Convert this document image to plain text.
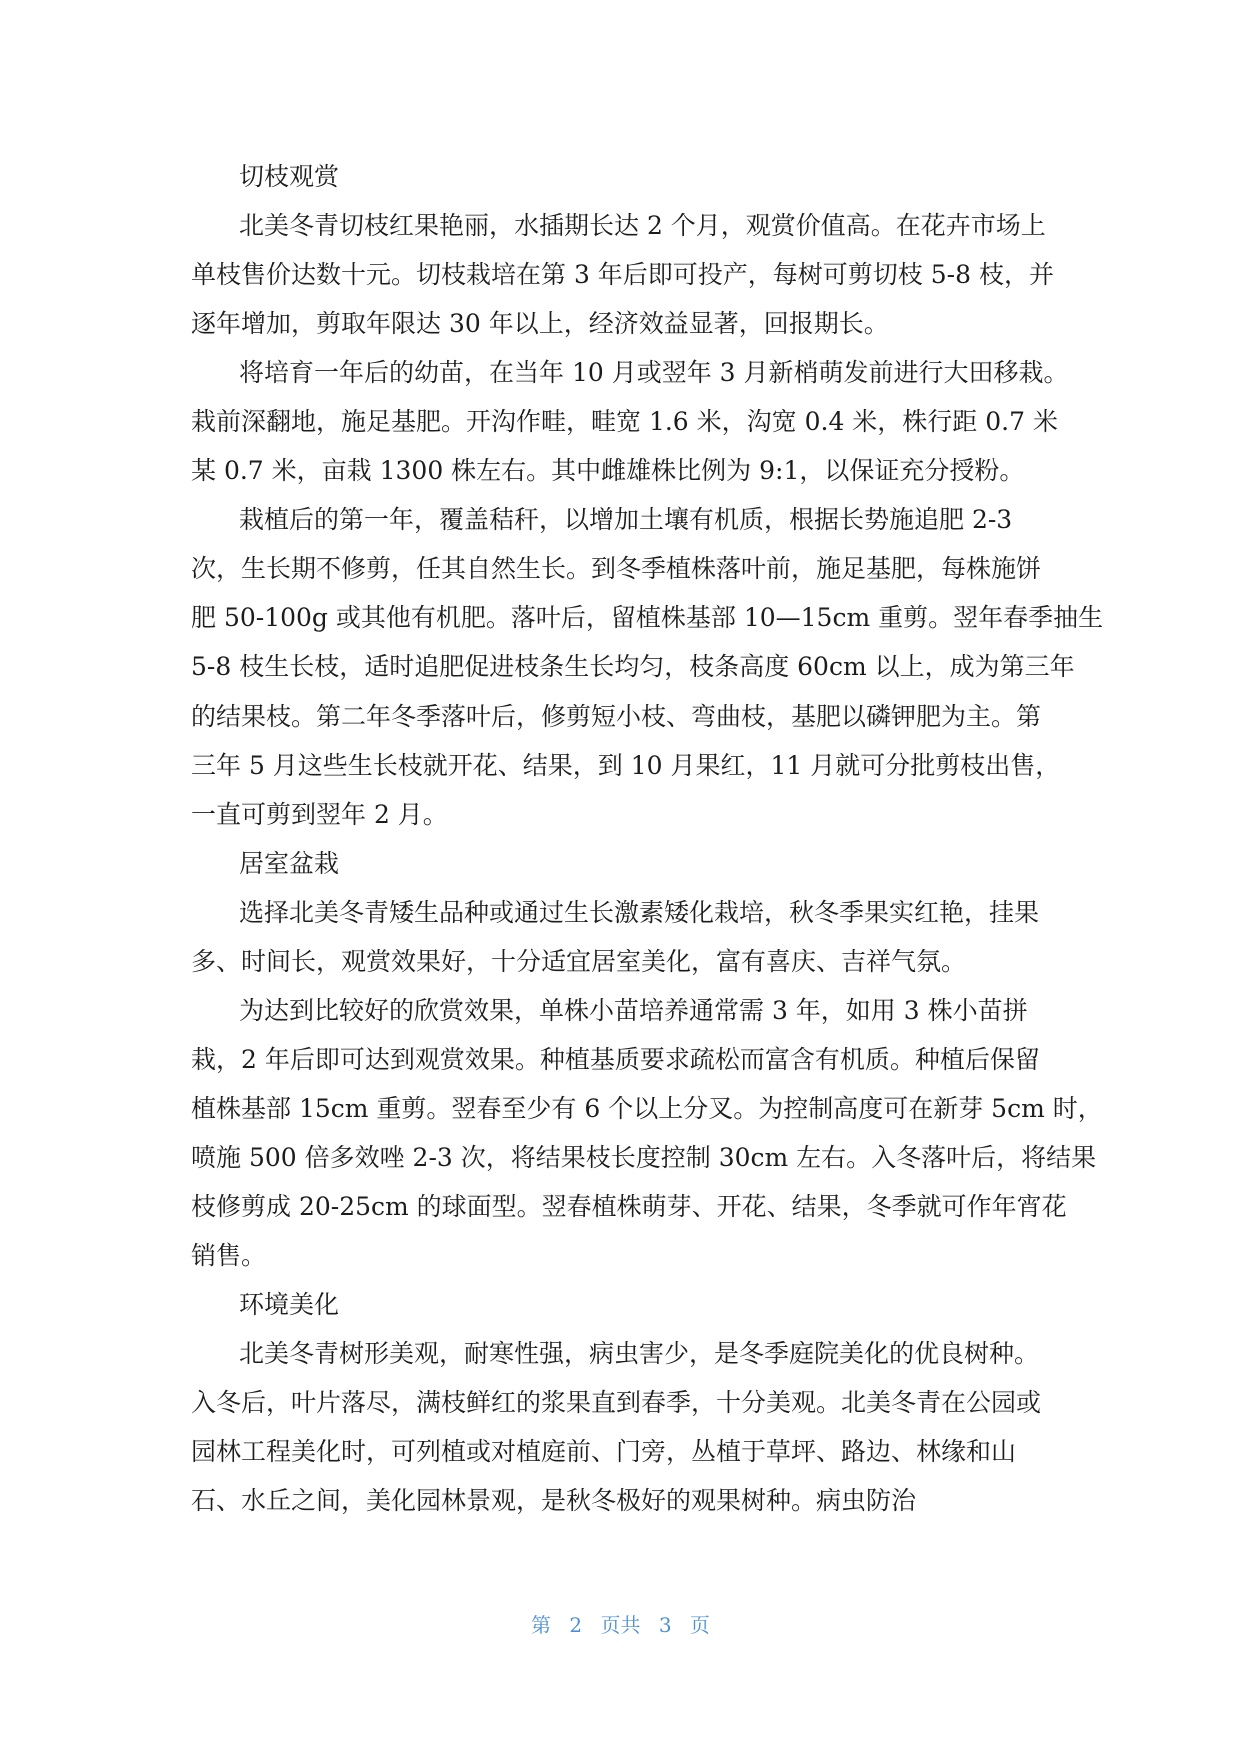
切枝观赏
北美冬青切枝红果艳丽，水插期长达 2 个月，观赏价值高。在花卉市场上
单枝售价达数十元。切枝栽培在第 3 年后即可投产，每树可剪切枝 5-8 枝，并
逐年增加，剪取年限达 30 年以上，经济效益显著，回报期长。
将培育一年后的幼苗，在当年 10 月或翌年 3 月新梢萌发前进行大田移栽。
栽前深翻地，施足基肥。开沟作畦，畦宽 1.6 米，沟宽 0.4 米，株行距 0.7 米
某 0.7 米，亩栽 1300 株左右。其中雌雄株比例为 9:1，以保证充分授粉。
栽植后的第一年，覆盖秸秆，以增加土壤有机质，根据长势施追肥 2-3
次，生长期不修剪，任其自然生长。到冬季植株落叶前，施足基肥，每株施饼
肥 50-100g 或其他有机肥。落叶后，留植株基部 10—15cm 重剪。翌年春季抽生
5-8 枝生长枝，适时追肥促进枝条生长均匀，枝条高度 60cm 以上，成为第三年
的结果枝。第二年冬季落叶后，修剪短小枝、弯曲枝，基肥以磷钾肥为主。第
三年 5 月这些生长枝就开花、结果，到 10 月果红，11 月就可分批剪枝出售，
一直可剪到翌年 2 月。
居室盆栽
选择北美冬青矮生品种或通过生长激素矮化栽培，秋冬季果实红艳，挂果
多、时间长，观赏效果好，十分适宜居室美化，富有喜庆、吉祥气氛。
为达到比较好的欣赏效果，单株小苗培养通常需 3 年，如用 3 株小苗拼
栽，2 年后即可达到观赏效果。种植基质要求疏松而富含有机质。种植后保留
植株基部 15cm 重剪。翌春至少有 6 个以上分叉。为控制高度可在新芽 5cm 时，
喷施 500 倍多效唑 2-3 次，将结果枝长度控制 30cm 左右。入冬落叶后，将结果
枝修剪成 20-25cm 的球面型。翌春植株萌芽、开花、结果，冬季就可作年宵花
销售。
环境美化
北美冬青树形美观，耐寒性强，病虫害少，是冬季庭院美化的优良树种。
入冬后，叶片落尽，满枝鲜红的浆果直到春季，十分美观。北美冬青在公园或
园林工程美化时，可列植或对植庭前、门旁，丛植于草坪、路边、林缘和山
石、水丘之间，美化园林景观，是秋冬极好的观果树种。病虫防治
第 2 页共 3 页
